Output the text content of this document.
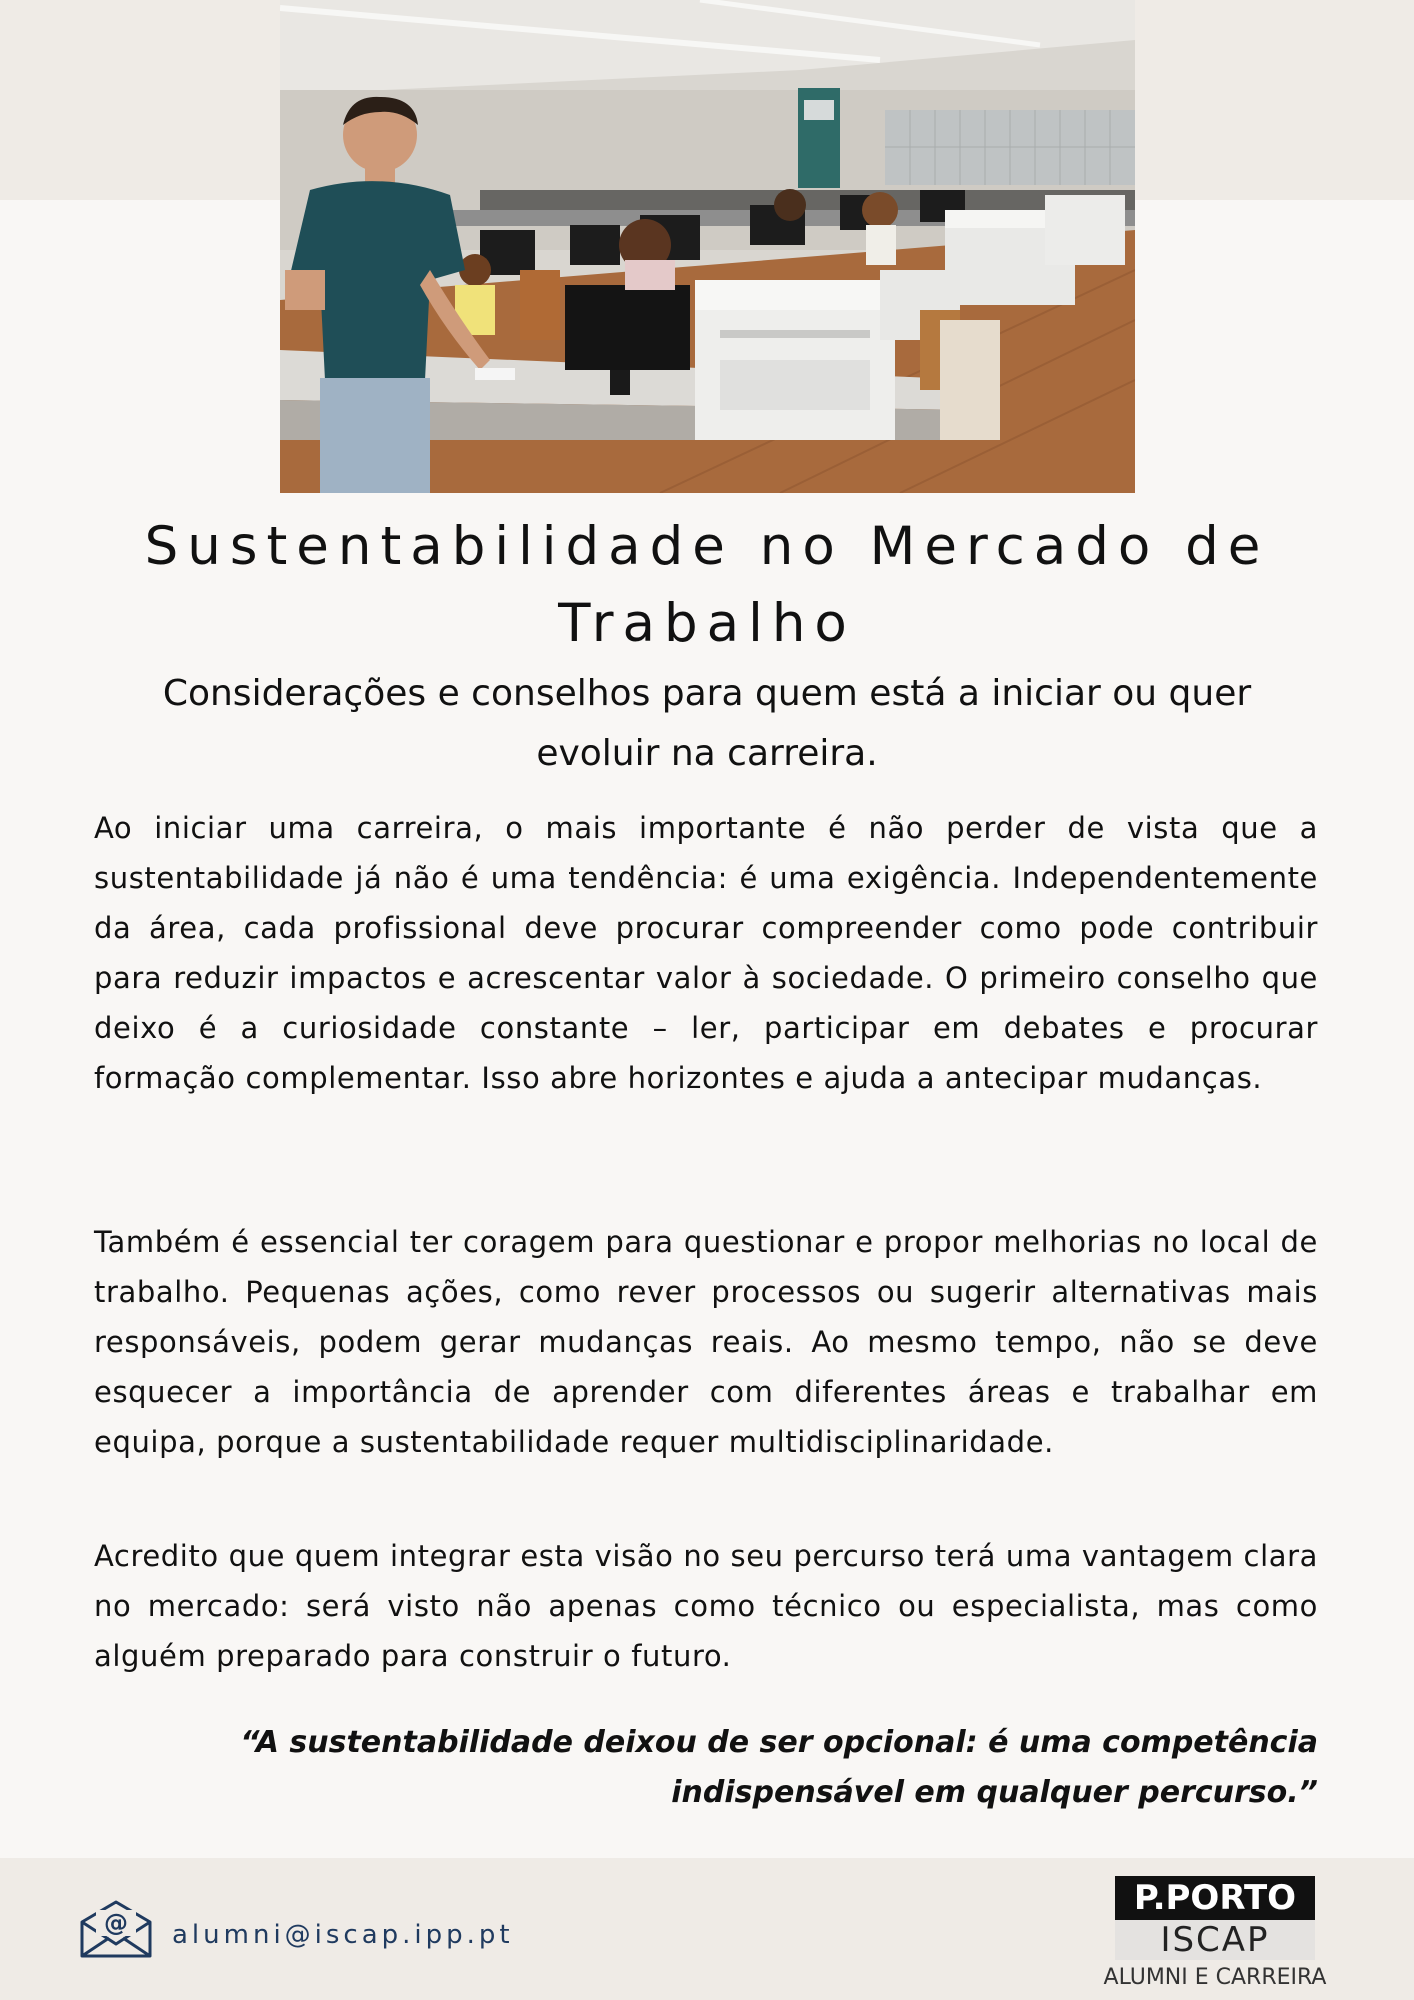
Sustentabilidade no Mercado de Trabalho
Considerações e conselhos para quem está a iniciar ou quer evoluir na carreira.

Ao iniciar uma carreira, o mais importante é não perder de vista que a sustentabilidade já não é uma tendência: é uma exigência. Independentemente da área, cada profissional deve procurar compreender como pode contribuir para reduzir impactos e acrescentar valor à sociedade. O primeiro conselho que deixo é a curiosidade constante – ler, participar em debates e procurar formação complementar. Isso abre horizontes e ajuda a antecipar mudanças.

Também é essencial ter coragem para questionar e propor melhorias no local de trabalho. Pequenas ações, como rever processos ou sugerir alternativas mais responsáveis, podem gerar mudanças reais. Ao mesmo tempo, não se deve esquecer a importância de aprender com diferentes áreas e trabalhar em equipa, porque a sustentabilidade requer multidisciplinaridade.

Acredito que quem integrar esta visão no seu percurso terá uma vantagem clara no mercado: será visto não apenas como técnico ou especialista, mas como alguém preparado para construir o futuro.

“A sustentabilidade deixou de ser opcional: é uma competência indispensável em qualquer percurso.”

@ alumni@iscap.ipp.pt
P.PORTO
ISCAP
ALUMNI E CARREIRA
